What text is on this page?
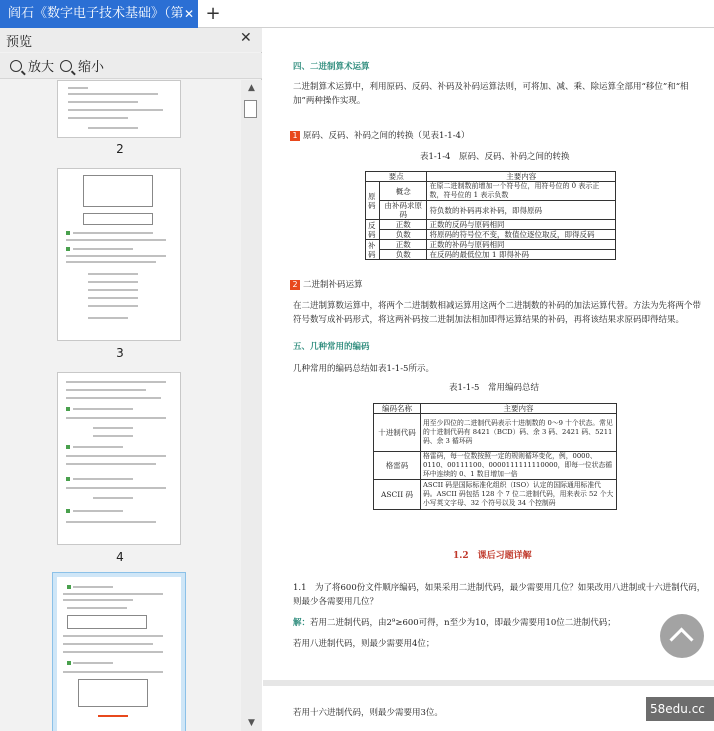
阎石《数字电子技术基础》（第 ✕ +
预览	✕
放大 缩小
2
3
4
▲
▼
四、二进制算术运算
二进制算术运算中，利用原码、反码、补码及补码运算法则，可将加、减、乘、除运算全部用“移位”和“相
加”两种操作实现。
1 原码、反码、补码之间的转换（见表1-1-4）
表1-1-4　原码、反码、补码之间的转换
要点		主要内容
原码	概念	在原二进制数前增加一个符号位，用符号位的 0 表示正数，符号位的 1 表示负数
	由补码求原码	符负数的补码再求补码，即得原码
反码	正数	正数的反码与原码相同
	负数	将原码的符号位不变，数值位逐位取反，即得反码
补码	正数	正数的补码与原码相同
	负数	在反码的最低位加 1 即得补码
2 二进制补码运算
在二进制算数运算中，将两个二进制数相减运算用这两个二进制数的补码的加法运算代替。方法为先将两个带
符号数写成补码形式，将这两补码按二进制加法相加即得运算结果的补码，再将该结果求原码即得结果。
五、几种常用的编码
几种常用的编码总结如表1-1-5所示。
表1-1-5　常用编码总结
编码名称	主要内容
十进制代码	用至少四位的二进制代码表示十进制数的 0～9 十个状态。常见的十进制代码有 8421（BCD）码、余 3 码、2421 码、5211 码、余 3 循环码
格雷码	格雷码，每一位数按照一定的规则循环变化，例，0000、0110、00111100、0000111111110000，即每一位状态循环中连续的 0、1 数目增加一倍
ASCII 码	ASCII 码是国际标准化组织（ISO）认定的国际通用标准代码。ASCII 码包括 128 个 7 位二进制代码，用来表示 52 个大小写英文字母、32 个符号以及 34 个控制码
1.2　课后习题详解
1.1　为了将600份文件顺序编码，如果采用二进制代码，最少需要用几位？如果改用八进制或十六进制代码，
则最少各需要用几位？
解：若用二进制代码，由2⁹≥600可得，n至少为10，即最少需要用10位二进制代码；
若用八进制代码，则最少需要用4位；
若用十六进制代码，则最少需要用3位。	58edu.cc
